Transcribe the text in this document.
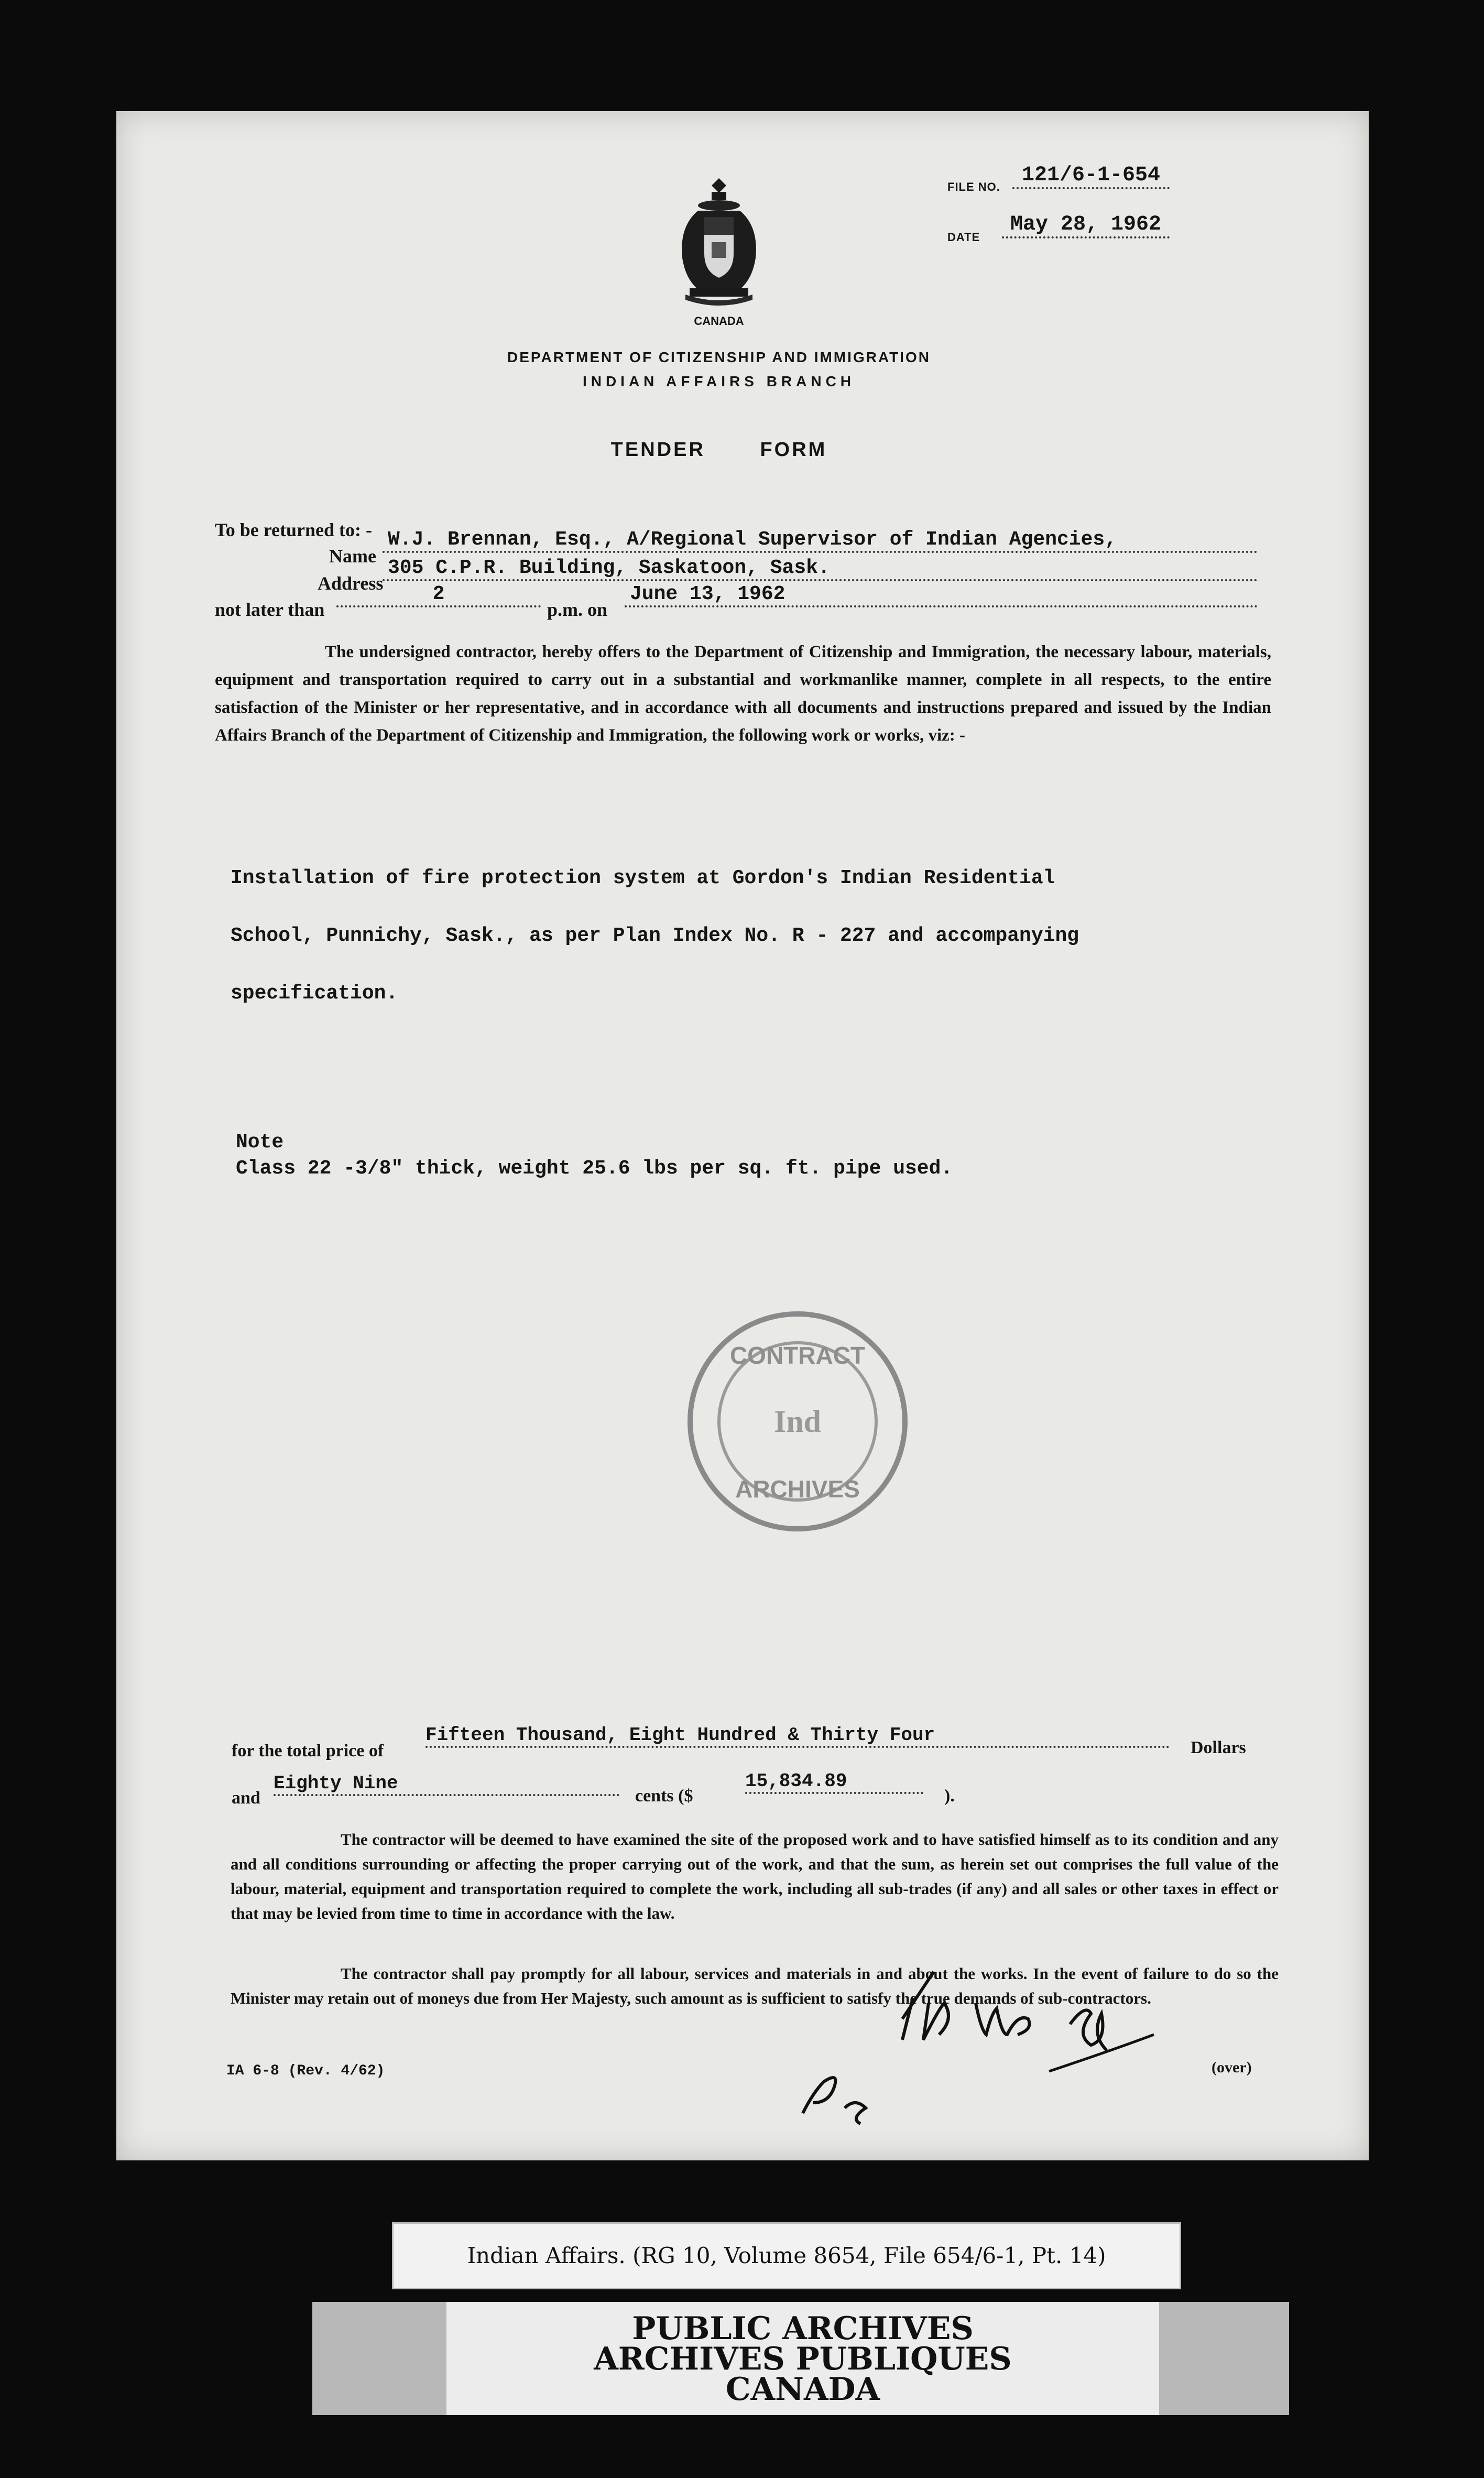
FILE NO.	121/6-1-654
DATE
May 28, 1962
CANADA
DEPARTMENT OF CITIZENSHIP AND IMMIGRATION
INDIAN AFFAIRS BRANCH
TENDER FORM
To be returned to: -
Name
W.J. Brennan, Esq., A/Regional Supervisor of Indian Agencies,
Address
305 C.P.R. Building, Saskatoon, Sask.
not later than
2
p.m. on
June 13, 1962
The undersigned contractor, hereby offers to the Department of Citizenship and Immigration, the necessary labour, materials, equipment and transportation required to carry out in a substantial and workmanlike manner, complete in all respects, to the entire satisfaction of the Minister or her representative, and in accordance with all documents and instructions prepared and issued by the Indian Affairs Branch of the Department of Citizenship and Immigration, the following work or works, viz: -
Installation of fire protection system at Gordon's Indian Residential
School, Punnichy, Sask., as per Plan Index No. R - 227 and accompanying
specification.
Note
Class 22 -3/8" thick, weight 25.6 lbs per sq. ft. pipe used.
CONTRACT
ARCHIVES
Ind
for the total price of
Fifteen Thousand, Eight Hundred & Thirty Four
Dollars
and
Eighty Nine
cents ($
15,834.89
).
The contractor will be deemed to have examined the site of the proposed work and to have satisfied himself as to its condition and any and all conditions surrounding or affecting the proper carrying out of the work, and that the sum, as herein set out comprises the full value of the labour, material, equipment and transportation required to complete the work, including all sub-trades (if any) and all sales or other taxes in effect or that may be levied from time to time in accordance with the law.
The contractor shall pay promptly for all labour, services and materials in and about the works. In the event of failure to do so the Minister may retain out of moneys due from Her Majesty, such amount as is sufficient to satisfy the true demands of sub-contractors.
IA 6-8 (Rev. 4/62)	(over)
Indian Affairs. (RG 10, Volume 8654, File 654/6-1, Pt. 14)
PUBLIC ARCHIVES
ARCHIVES PUBLIQUES
CANADA
